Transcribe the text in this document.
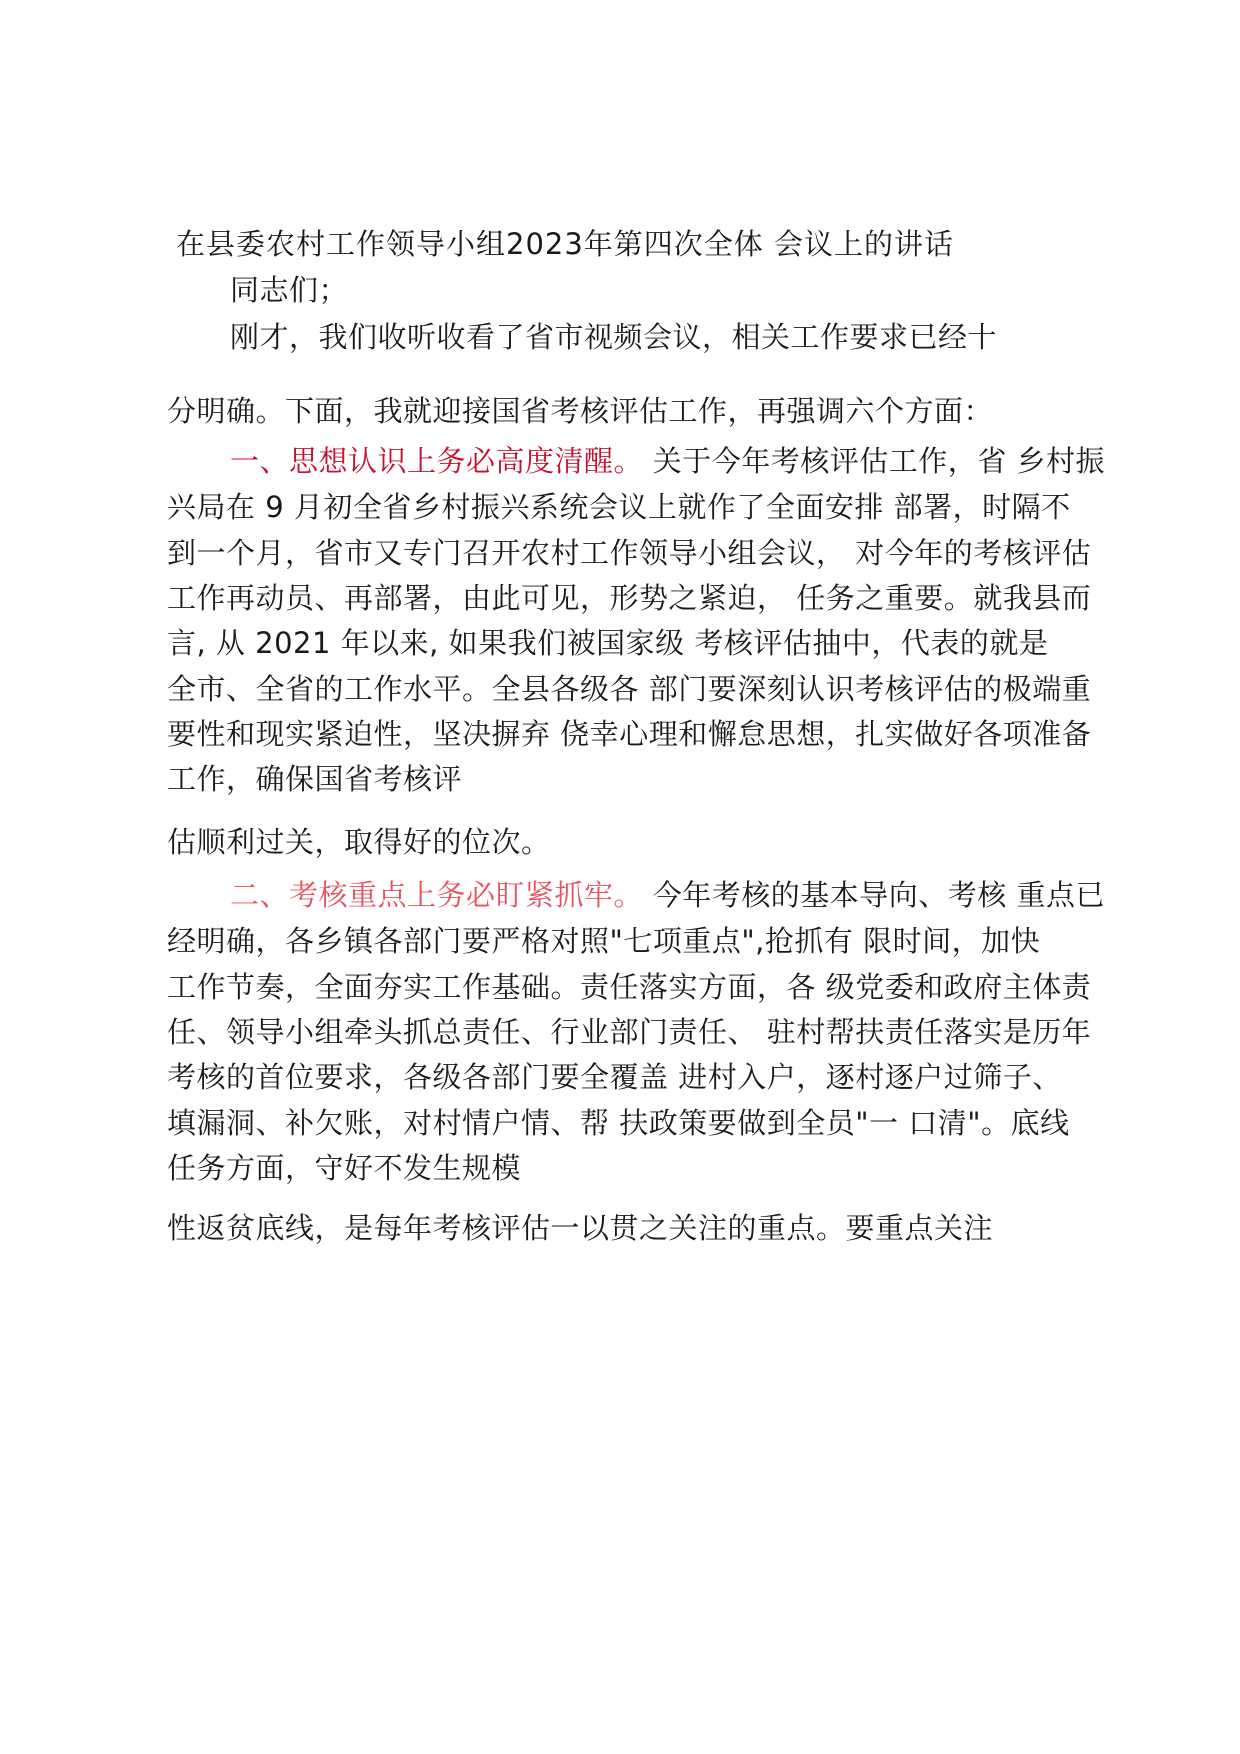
在县委农村工作领导小组2023年第四次全体 会议上的讲话
同志们；
刚才，我们收听收看了省市视频会议，相关工作要求已经十
分明确。下面，我就迎接国省考核评估工作，再强调六个方面：
一、思想认识上务必高度清醒。 关于今年考核评估工作，省 乡村振
兴局在 9 月初全省乡村振兴系统会议上就作了全面安排 部署，时隔不
到一个月，省市又专门召开农村工作领导小组会议， 对今年的考核评估
工作再动员、再部署，由此可见，形势之紧迫， 任务之重要。就我县而
言, 从 2021 年以来, 如果我们被国家级 考核评估抽中，代表的就是
全市、全省的工作水平。全县各级各 部门要深刻认识考核评估的极端重
要性和现实紧迫性，坚决摒弃 侥幸心理和懈怠思想，扎实做好各项准备
工作，确保国省考核评
估顺利过关，取得好的位次。
二、考核重点上务必盯紧抓牢。 今年考核的基本导向、考核 重点已
经明确，各乡镇各部门要严格对照"七项重点",抢抓有 限时间，加快
工作节奏，全面夯实工作基础。责任落实方面，各 级党委和政府主体责
任、领导小组牵头抓总责任、行业部门责任、 驻村帮扶责任落实是历年
考核的首位要求，各级各部门要全覆盖 进村入户，逐村逐户过筛子、
填漏洞、补欠账，对村情户情、帮 扶政策要做到全员"一 口清"。底线
任务方面，守好不发生规模
性返贫底线，是每年考核评估一以贯之关注的重点。要重点关注
